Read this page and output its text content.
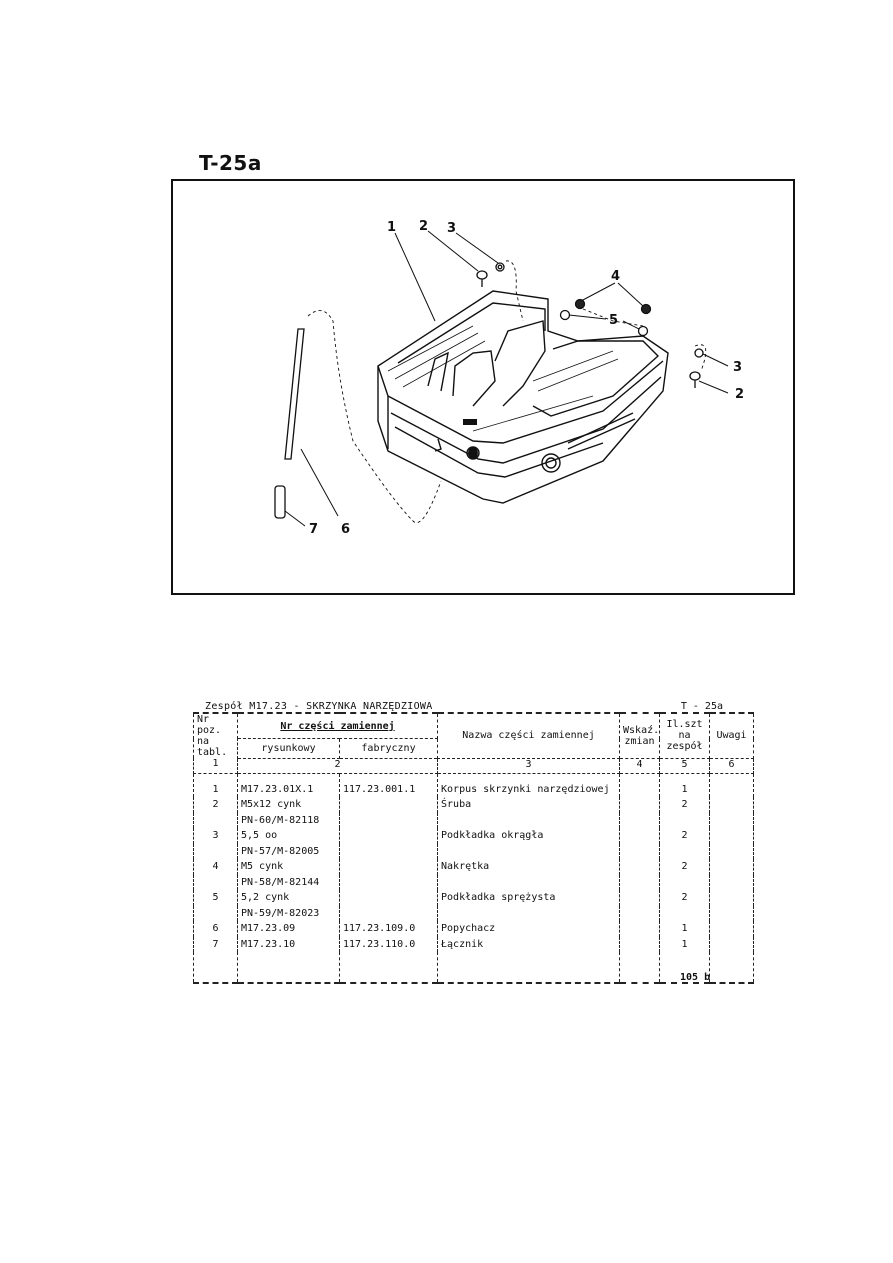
T-25a
1 2 3
4
5
2
3
6
7
Zespół M17.23 - SKRZYNKA NARZĘDZIOWA	T - 25a
Nr poz. na tabl.	Nr części zamiennej		Nazwa części zamiennej	Wskaź. zmian	Il.szt na zespół	Uwagi
	rysunkowy	fabryczny				
1	2		3	4	5	6
1	M17.23.01X.1	117.23.001.1	Korpus skrzynki narzędziowej		1	
2	M5x12 cynk		Śruba		2	
	PN-60/M-82118					
3	5,5 oo		Podkładka okrągła		2	
	PN-57/M-82005					
4	M5 cynk		Nakrętka		2	
	PN-58/M-82144					
5	5,2 cynk		Podkładka sprężysta		2	
	PN-59/M-82023					
6	M17.23.09	117.23.109.0	Popychacz		1	
7	M17.23.10	117.23.110.0	Łącznik		1	

105 b
